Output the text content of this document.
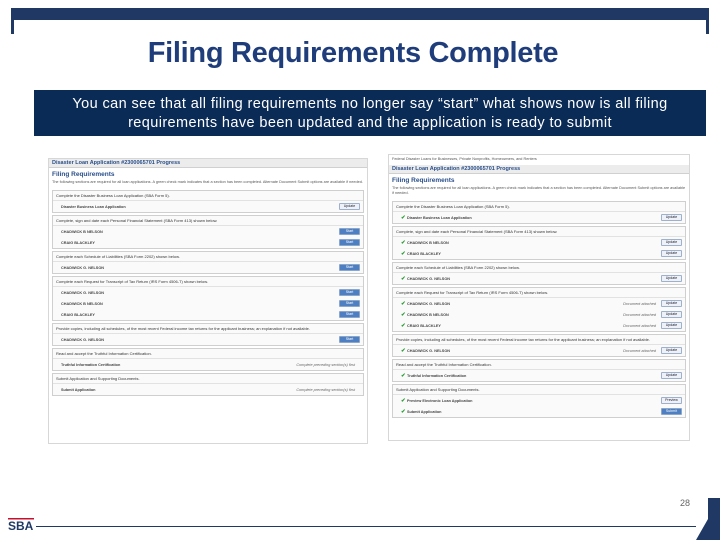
Filing Requirements Complete
You can see that all filing requirements no longer say “start” what shows now is all filing
requirements have been updated and the application is ready to submit
Disaster Loan Application #2300065701 Progress
Filing Requirements
The following sections are required for all loan applications. A green check mark indicates that a section has been completed. Alternate Document Submit options are available if needed.
Complete the Disaster Business Loan Application (SBA Form 5).
Disaster Business Loan Application	Update
Complete, sign and date each Personal Financial Statement (SBA Form 413) shown below.
CHADWICK B NELSON	Start
CRAIG BLACKLEY	Start
Complete each Schedule of Liabilities (SBA Form 2202) shown below.
CHADWICK G. NELSON	Start
Complete each Request for Transcript of Tax Return (IRS Form 4506-T) shown below.
CHADWICK G. NELSON	Start
CHADWICK B NELSON	Start
CRAIG BLACKLEY	Start
Provide copies, including all schedules, of the most recent Federal income tax returns for the applicant business; an explanation if not available.
CHADWICK G. NELSON	Start
Read and accept the Truthful Information Certification.
Truthful Information Certification	Complete preceding section(s) first
Submit Application and Supporting Documents.
Submit Application	Complete preceding section(s) first
Federal Disaster Loans for Businesses, Private Nonprofits, Homeowners, and Renters
Disaster Loan Application #2300065701 Progress
Filing Requirements
The following sections are required for all loan applications. A green check mark indicates that a section has been completed. Alternate Document Submit options are available if needed.
Complete the Disaster Business Loan Application (SBA Form 5).
✔ Disaster Business Loan Application	Update
Complete, sign and date each Personal Financial Statement (SBA Form 413) shown below.
✔ CHADWICK B NELSON	Update
✔ CRAIG BLACKLEY	Update
Complete each Schedule of Liabilities (SBA Form 2202) shown below.
✔ CHADWICK G. NELSON	Update
Complete each Request for Transcript of Tax Return (IRS Form 4506-T) shown below.
✔ CHADWICK G. NELSON	Document attached	Update
✔ CHADWICK B NELSON	Document attached	Update
✔ CRAIG BLACKLEY	Document attached	Update
Provide copies, including all schedules, of the most recent Federal income tax returns for the applicant business; an explanation if not available.
✔ CHADWICK G. NELSON	Document attached	Update
Read and accept the Truthful Information Certification.
✔ Truthful Information Certification	Update
Submit Application and Supporting Documents.
✔ Preview Electronic Loan Application	Preview
✔ Submit Application	Submit
28
SBA
